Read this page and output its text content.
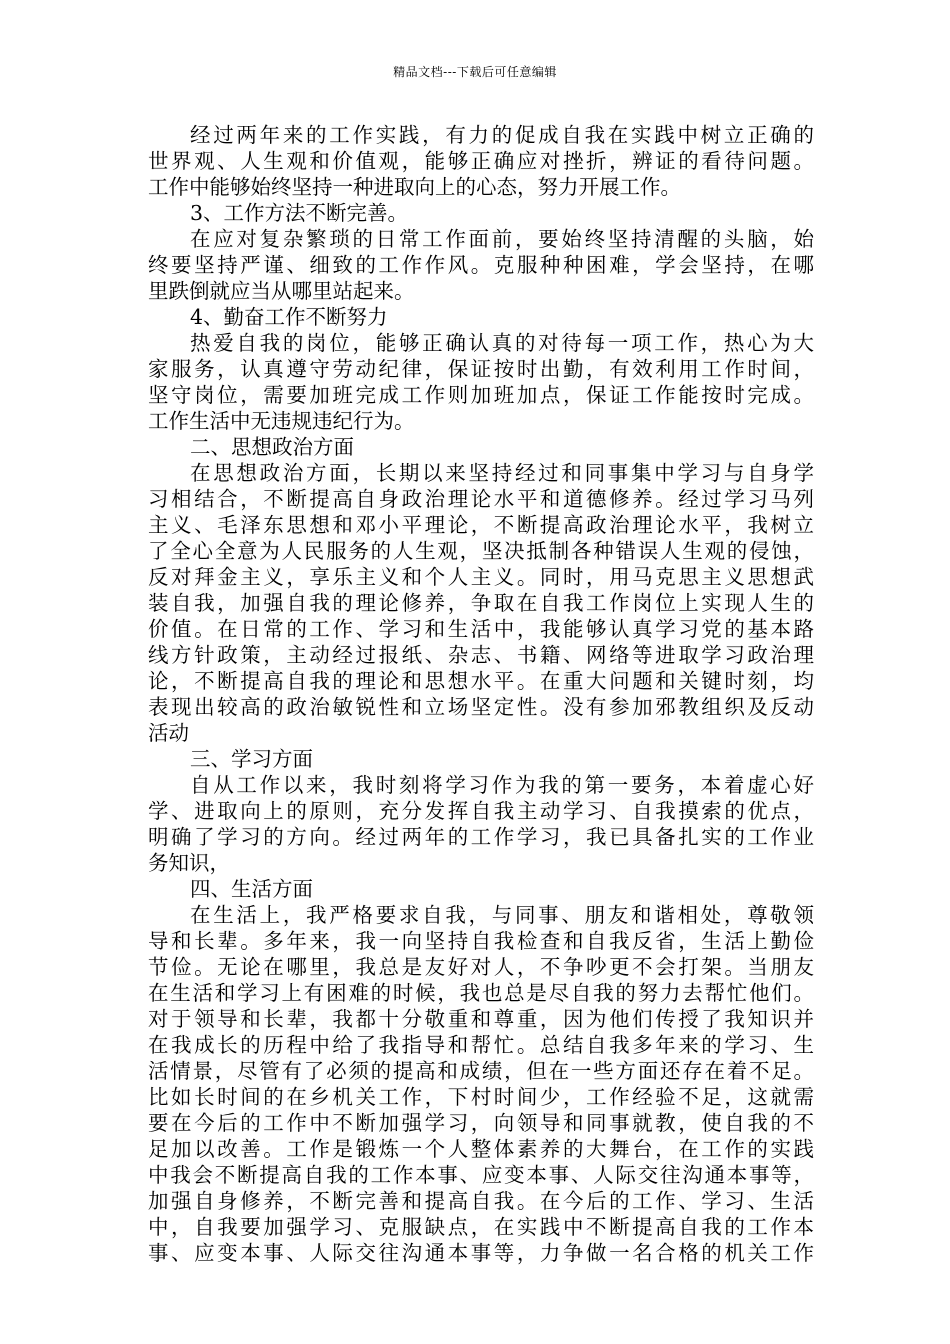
精品文档---下载后可任意编辑
经过两年来的工作实践，有力的促成自我在实践中树立正确的
世界观、人生观和价值观，能够正确应对挫折，辨证的看待问题。
工作中能够始终坚持一种进取向上的心态，努力开展工作。
3、工作方法不断完善。
在应对复杂繁琐的日常工作面前，要始终坚持清醒的头脑，始
终要坚持严谨、细致的工作作风。克服种种困难，学会坚持，在哪
里跌倒就应当从哪里站起来。
4、勤奋工作不断努力
热爱自我的岗位，能够正确认真的对待每一项工作，热心为大
家服务，认真遵守劳动纪律，保证按时出勤，有效利用工作时间，
坚守岗位，需要加班完成工作则加班加点，保证工作能按时完成。
工作生活中无违规违纪行为。
二、思想政治方面
在思想政治方面，长期以来坚持经过和同事集中学习与自身学
习相结合，不断提高自身政治理论水平和道德修养。经过学习马列
主义、毛泽东思想和邓小平理论，不断提高政治理论水平，我树立
了全心全意为人民服务的人生观，坚决抵制各种错误人生观的侵蚀，
反对拜金主义，享乐主义和个人主义。同时，用马克思主义思想武
装自我，加强自我的理论修养，争取在自我工作岗位上实现人生的
价值。在日常的工作、学习和生活中，我能够认真学习党的基本路
线方针政策，主动经过报纸、杂志、书籍、网络等进取学习政治理
论，不断提高自我的理论和思想水平。在重大问题和关键时刻，均
表现出较高的政治敏锐性和立场坚定性。没有参加邪教组织及反动
活动
三、学习方面
自从工作以来，我时刻将学习作为我的第一要务，本着虚心好
学、进取向上的原则，充分发挥自我主动学习、自我摸索的优点，
明确了学习的方向。经过两年的工作学习，我已具备扎实的工作业
务知识，
四、生活方面
在生活上，我严格要求自我，与同事、朋友和谐相处，尊敬领
导和长辈。多年来，我一向坚持自我检查和自我反省，生活上勤俭
节俭。无论在哪里，我总是友好对人，不争吵更不会打架。当朋友
在生活和学习上有困难的时候，我也总是尽自我的努力去帮忙他们。
对于领导和长辈，我都十分敬重和尊重，因为他们传授了我知识并
在我成长的历程中给了我指导和帮忙。总结自我多年来的学习、生
活情景，尽管有了必须的提高和成绩，但在一些方面还存在着不足。
比如长时间的在乡机关工作，下村时间少，工作经验不足，这就需
要在今后的工作中不断加强学习，向领导和同事就教，使自我的不
足加以改善。工作是锻炼一个人整体素养的大舞台，在工作的实践
中我会不断提高自我的工作本事、应变本事、人际交往沟通本事等，
加强自身修养，不断完善和提高自我。在今后的工作、学习、生活
中，自我要加强学习、克服缺点，在实践中不断提高自我的工作本
事、应变本事、人际交往沟通本事等，力争做一名合格的机关工作
